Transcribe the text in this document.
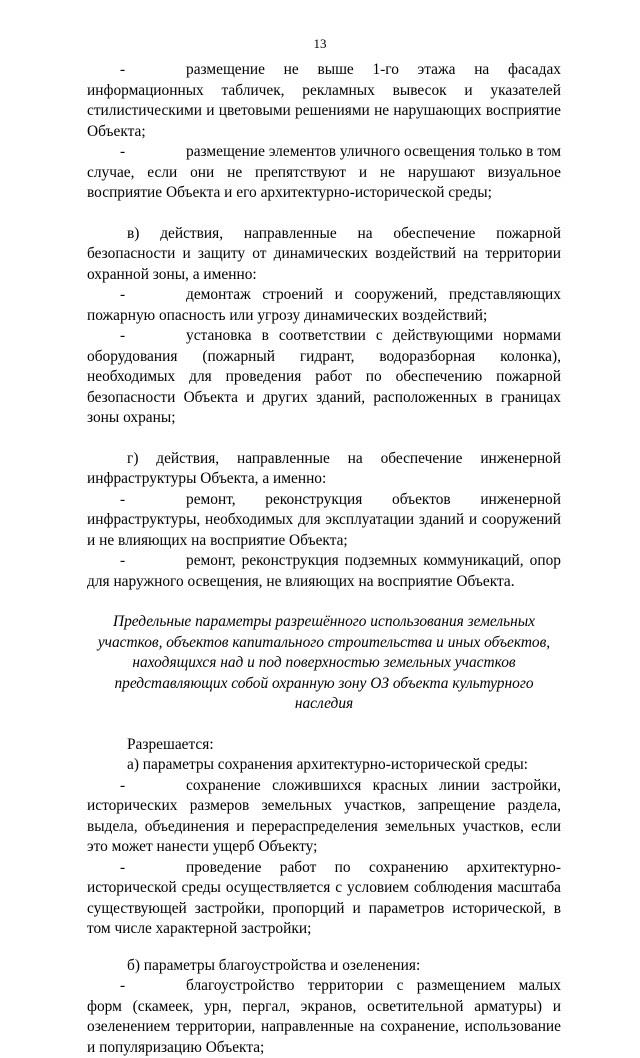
13

-	размещение не выше 1-го этажа на фасадах информационных табличек, рекламных вывесок и указателей стилистическими и цветовыми решениями не нарушающих восприятие Объекта;

-	размещение элементов уличного освещения только в том случае, если они не препятствуют и не нарушают визуальное восприятие Объекта и его архитектурно-исторической среды;

в) действия, направленные на обеспечение пожарной безопасности и защиту от динамических воздействий на территории охранной зоны, а именно:

-	демонтаж строений и сооружений, представляющих пожарную опасность или угрозу динамических воздействий;

-	установка в соответствии с действующими нормами оборудования (пожарный гидрант, водоразборная колонка), необходимых для проведения работ по обеспечению пожарной безопасности Объекта и других зданий, расположенных в границах зоны охраны;

г) действия, направленные на обеспечение инженерной инфраструктуры Объекта, а именно:

-	ремонт, реконструкция объектов инженерной инфраструктуры, необходимых для эксплуатации зданий и сооружений и не влияющих на восприятие Объекта;

-	ремонт, реконструкция подземных коммуникаций, опор для наружного освещения, не влияющих на восприятие Объекта.

Предельные параметры разрешённого использования земельных участков, объектов капитального строительства и иных объектов, находящихся над и под поверхностью земельных участков представляющих собой охранную зону ОЗ объекта культурного наследия

Разрешается:

а) параметры сохранения архитектурно-исторической среды:

-	сохранение сложившихся красных линии застройки, исторических размеров земельных участков, запрещение раздела, выдела, объединения и перераспределения земельных участков, если это может нанести ущерб Объекту;

-	проведение работ по сохранению архитектурно-исторической среды осуществляется с условием соблюдения масштаба существующей застройки, пропорций и параметров исторической, в том числе характерной застройки;

б) параметры благоустройства и озеленения:

-	благоустройство территории с размещением малых форм (скамеек, урн, пергал, экранов, осветительной арматуры) и озеленением территории, направленные на сохранение, использование и популяризацию Объекта;
